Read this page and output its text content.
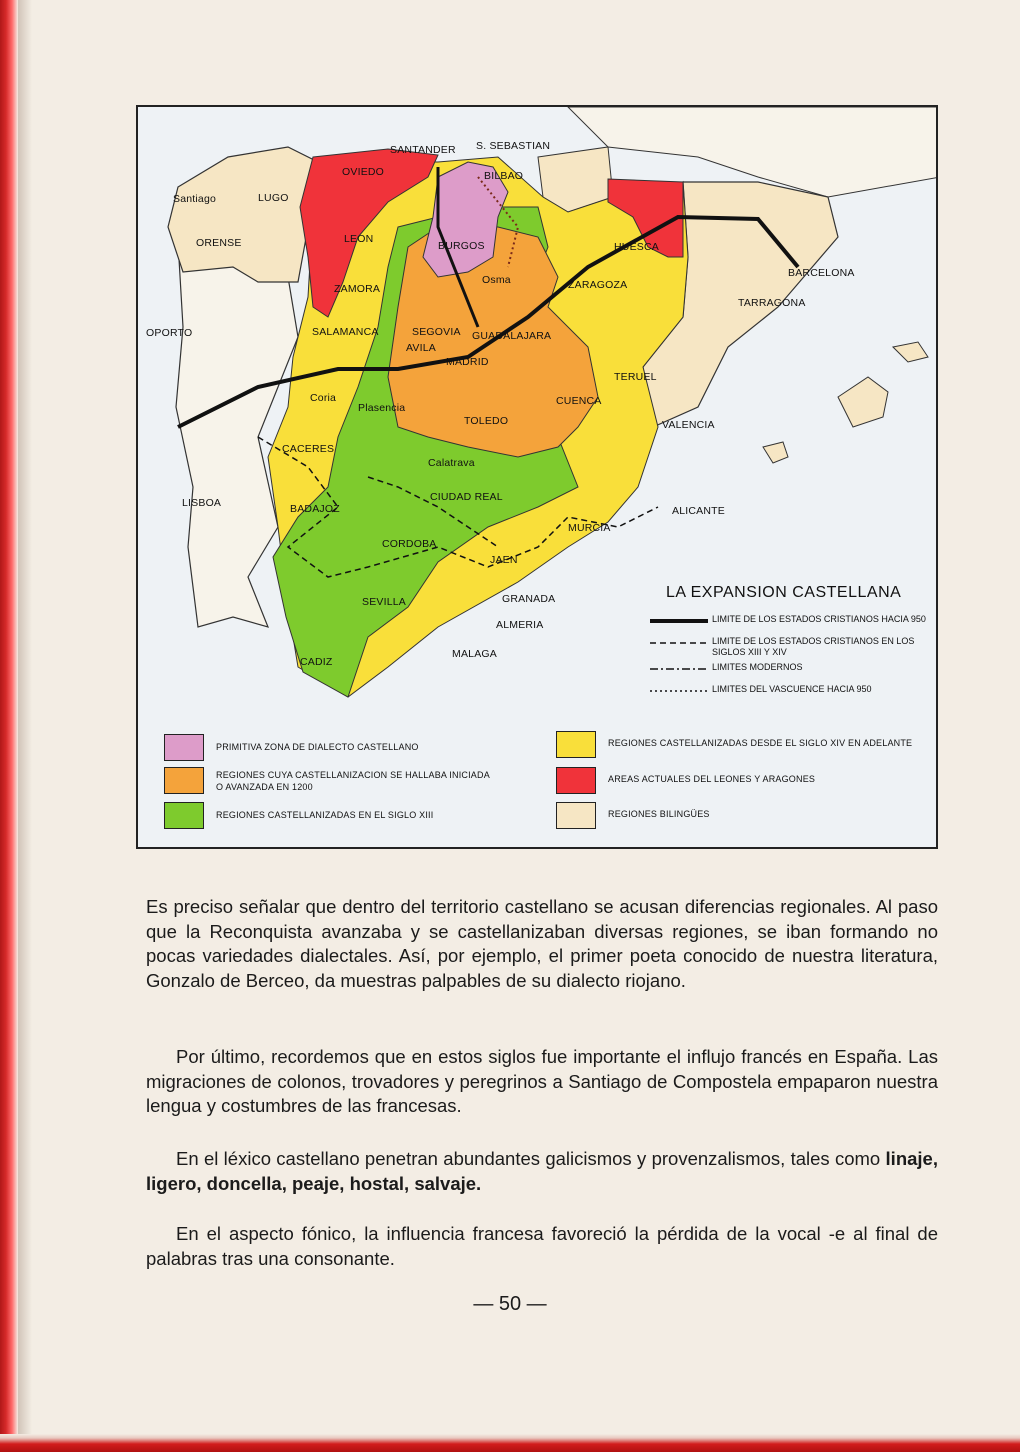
SANTANDER S. SEBASTIAN
OVIEDO	BILBAO
Santiago	LUGO
ORENSE	LEON
BURGOS	HUESCA
BARCELONA
Osma	ZARAGOZA
ZAMORA
TARRAGONA
OPORTO	SALAMANCA	SEGOVIA GUADALAJARA
AVILA
MADRID
TERUEL
Coria
Plasencia
TOLEDO
CUENCA
VALENCIA
CACERES
Calatrava
CIUDAD REAL
LISBOA	BADAJOZ	ALICANTE
MURCIA
CORDOBA
JAEN
GRANADA
SEVILLA
ALMERIA
MALAGA
CADIZ
LA EXPANSION CASTELLANA
LIMITE DE LOS ESTADOS CRISTIANOS HACIA 950
LIMITE DE LOS ESTADOS CRISTIANOS EN LOS SIGLOS XIII Y XIV
LIMITES MODERNOS
LIMITES DEL VASCUENCE HACIA 950
PRIMITIVA ZONA DE DIALECTO CASTELLANO
REGIONES CUYA CASTELLANIZACION SE HALLABA INICIADA O AVANZADA EN 1200
REGIONES CASTELLANIZADAS EN EL SIGLO XIII
REGIONES CASTELLANIZADAS DESDE EL SIGLO XIV EN ADELANTE
AREAS ACTUALES DEL LEONES Y ARAGONES
REGIONES BILINGÜES
Es preciso señalar que dentro del territorio castellano se acusan diferencias regionales. Al paso que la Reconquista avanzaba y se castellanizaban diversas regiones, se iban formando no pocas variedades dialectales. Así, por ejemplo, el primer poeta conocido de nuestra literatura, Gonzalo de Berceo, da muestras palpables de su dialecto riojano.
Por último, recordemos que en estos siglos fue importante el influjo francés en España. Las migraciones de colonos, trovadores y peregrinos a Santiago de Compostela empaparon nuestra lengua y costumbres de las francesas.
En el léxico castellano penetran abundantes galicismos y provenzalismos, tales como linaje, ligero, doncella, peaje, hostal, salvaje.
En el aspecto fónico, la influencia francesa favoreció la pérdida de la vocal -e al final de palabras tras una consonante.
— 50 —
